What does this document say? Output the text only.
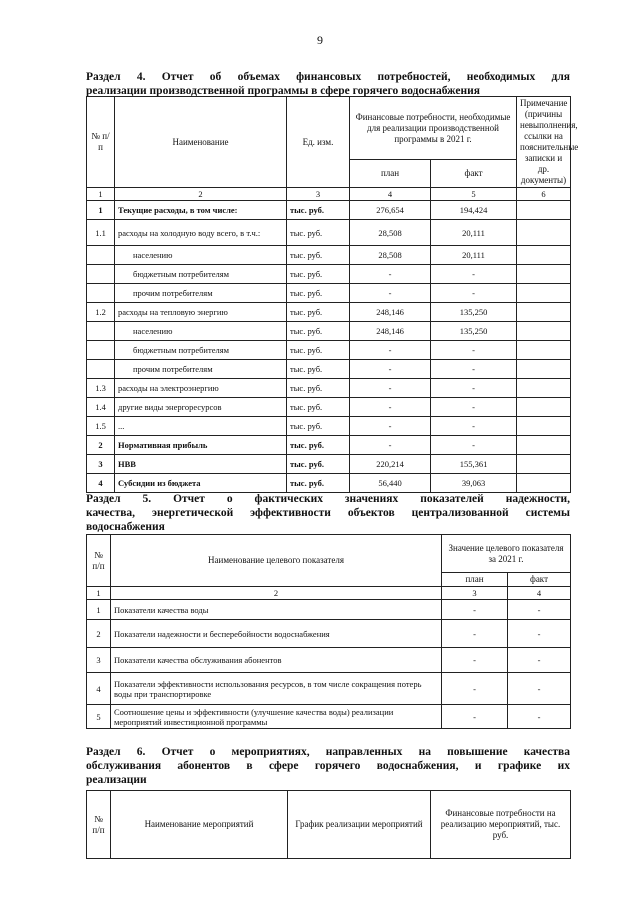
9
Раздел 4. Отчет об объемах финансовых потребностей, необходимых для
реализации производственной программы в сфере горячего водоснабжения
№ п/п	Наименование	Ед. изм.	Финансовые потребности, необходимые для реализации производственной программы в 2021 г.		Примечание (причины невыполнения, ссылки на пояснительные записки и др. документы)
			план	факт	
1	2	3	4	5	6
1	Текущие расходы, в том числе:	тыс. руб.	276,654	194,424	
1.1	расходы на холодную воду всего, в т.ч.:	тыс. руб.	28,508	20,111	
	населению	тыс. руб.	28,508	20,111	
	бюджетным потребителям	тыс. руб.	-	-	
	прочим потребителям	тыс. руб.	-	-	
1.2	расходы на тепловую энергию	тыс. руб.	248,146	135,250	
	населению	тыс. руб.	248,146	135,250	
	бюджетным потребителям	тыс. руб.	-	-	
	прочим потребителям	тыс. руб.	-	-	
1.3	расходы на электроэнергию	тыс. руб.	-	-	
1.4	другие виды энергоресурсов	тыс. руб.	-	-	
1.5	...	тыс. руб.	-	-	
2	Нормативная прибыль	тыс. руб.	-	-	
3	НВВ	тыс. руб.	220,214	155,361	
4	Субсидии из бюджета	тыс. руб.	56,440	39,063	
Раздел 5. Отчет о фактических значениях показателей надежности,
качества, энергетической эффективности объектов централизованной системы
водоснабжения
№ п/п	Наименование целевого показателя	Значение целевого показателя за 2021 г.	
		план	факт
1	2	3	4
1	Показатели качества воды	-	-
2	Показатели надежности и бесперебойности водоснабжения	-	-
3	Показатели качества обслуживания абонентов	-	-
4	Показатели эффективности использования ресурсов, в том числе сокращения потерь воды при транспортировке	-	-
5	Соотношение цены и эффективности (улучшение качества воды) реализации мероприятий инвестиционной программы	-	-
Раздел 6. Отчет о мероприятиях, направленных на повышение качества
обслуживания абонентов в сфере горячего водоснабжения, и графике их
реализации
№ п/п	Наименование мероприятий	График реализации мероприятий	Финансовые потребности на реализацию мероприятий, тыс. руб.
